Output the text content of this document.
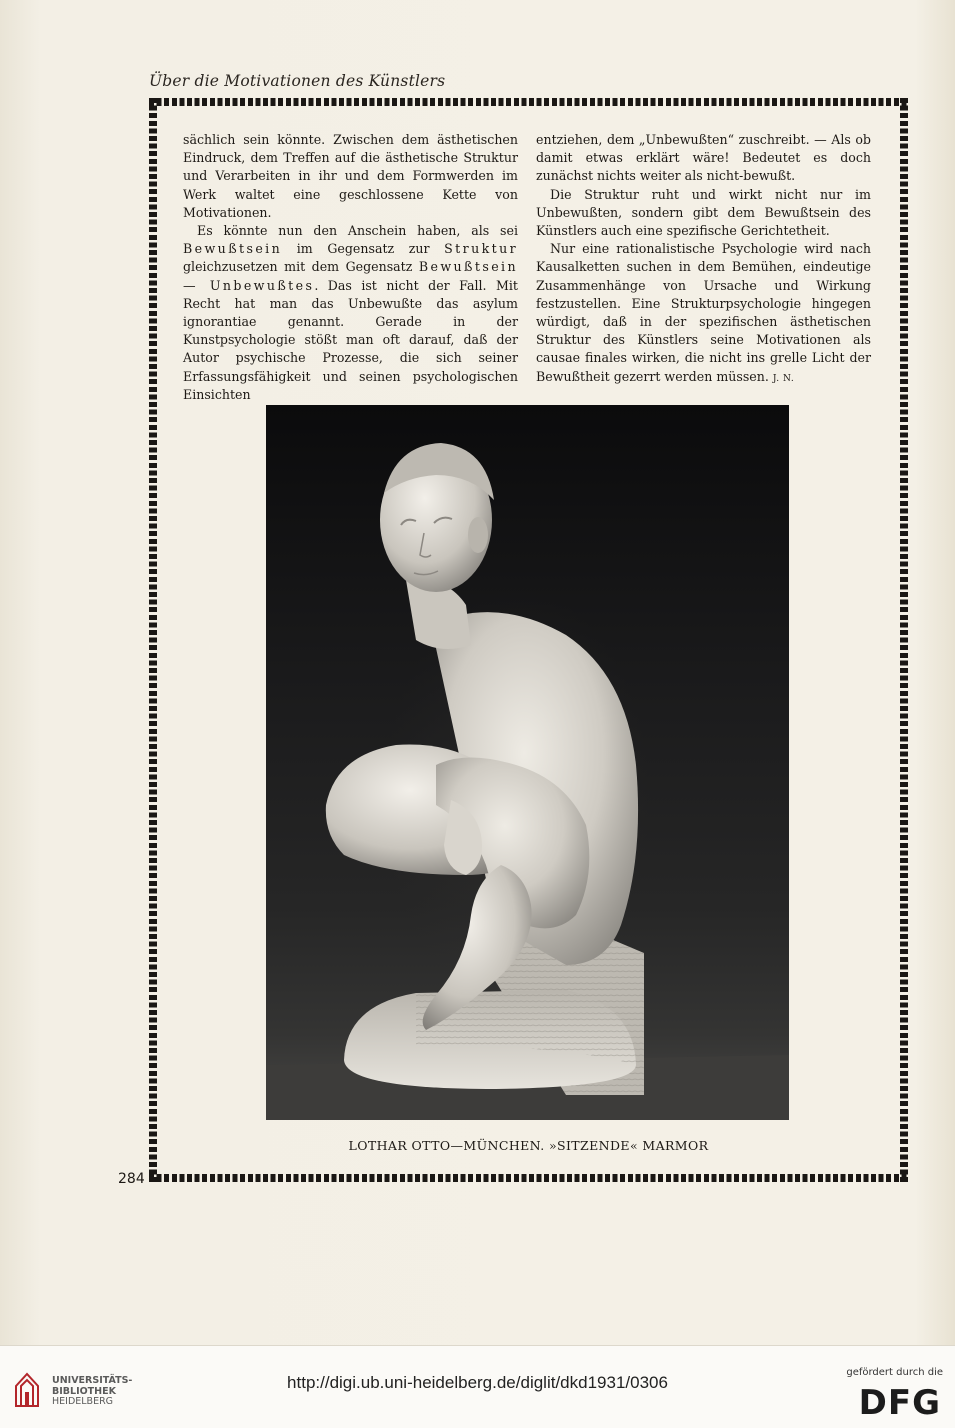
Über die Motivationen des Künstlers

sächlich sein könnte. Zwischen dem ästhetischen Eindruck, dem Treffen auf die ästhetische Struktur und Verarbeiten in ihr und dem Formwerden im Werk waltet eine geschlossene Kette von Motivationen.

Es könnte nun den Anschein haben, als sei Bewußtsein im Gegensatz zur Struktur gleichzusetzen mit dem Gegensatz Bewußtsein — Unbewußtes. Das ist nicht der Fall. Mit Recht hat man das Unbewußte das asylum ignorantiae genannt. Gerade in der Kunstpsychologie stößt man oft darauf, daß der Autor psychische Prozesse, die sich seiner Erfassungsfähigkeit und seinen psychologischen Einsichten

entziehen, dem „Unbewußten“ zuschreibt. — Als ob damit etwas erklärt wäre! Bedeutet es doch zunächst nichts weiter als nicht-bewußt.

Die Struktur ruht und wirkt nicht nur im Unbewußten, sondern gibt dem Bewußtsein des Künstlers auch eine spezifische Gerichtetheit.

Nur eine rationalistische Psychologie wird nach Kausalketten suchen in dem Bemühen, eindeutige Zusammenhänge von Ursache und Wirkung festzustellen. Eine Strukturpsychologie hingegen würdigt, daß in der spezifischen ästhetischen Struktur des Künstlers seine Motivationen als causae finales wirken, die nicht ins grelle Licht der Bewußtheit gezerrt werden müssen. J. N.

LOTHAR OTTO—MÜNCHEN. »SITZENDE« MARMOR
284
UNIVERSITÄTS-
BIBLIOTHEK
HEIDELBERG
http://digi.ub.uni-heidelberg.de/diglit/dkd1931/0306
gefördert durch die
DFG
